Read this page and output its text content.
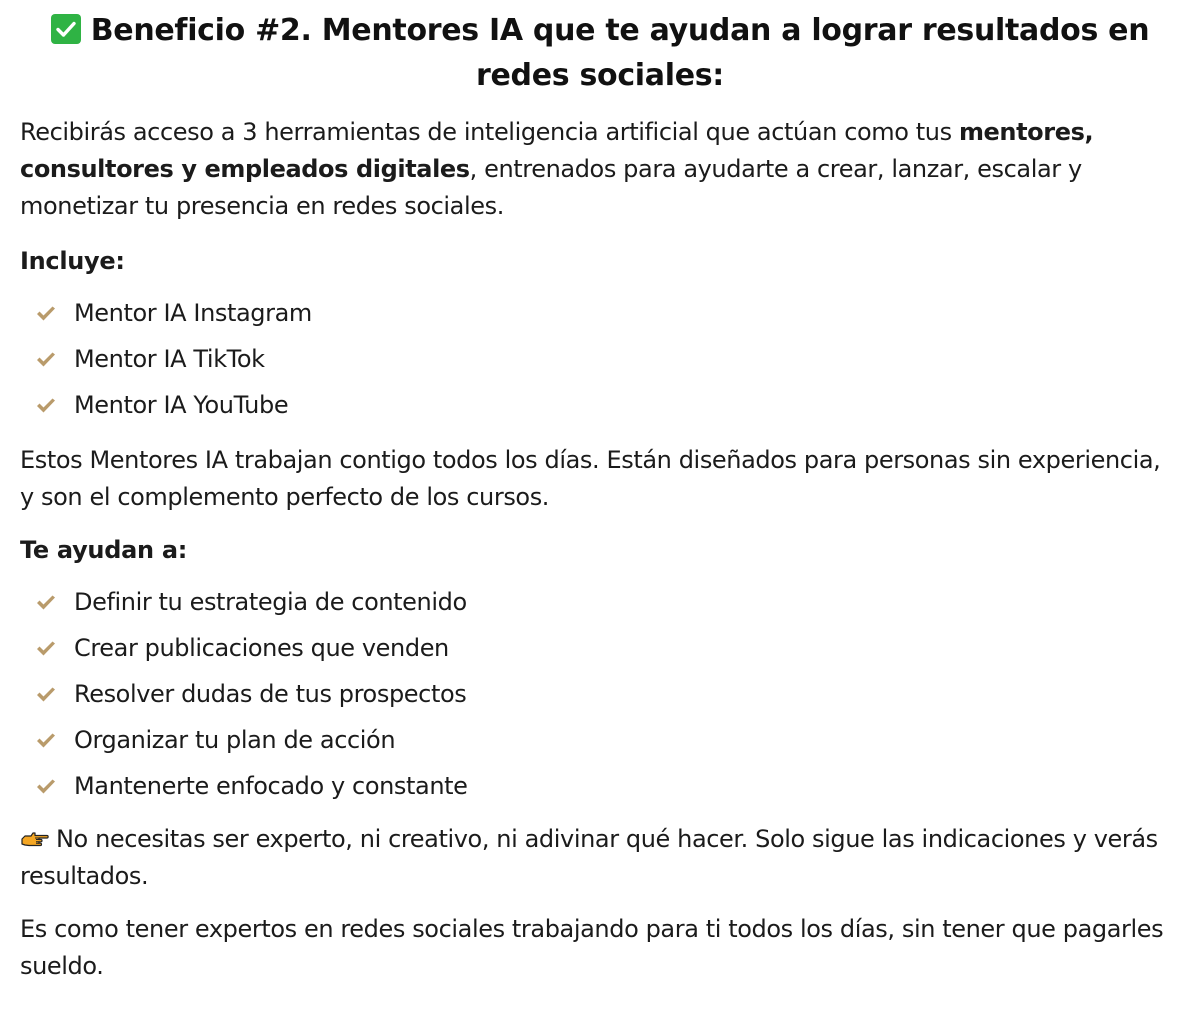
Beneficio #2. Mentores IA que te ayudan a lograr resultados en redes sociales:

Recibirás acceso a 3 herramientas de inteligencia artificial que actúan como tus mentores, consultores y empleados digitales, entrenados para ayudarte a crear, lanzar, escalar y monetizar tu presencia en redes sociales.

Incluye:
Mentor IA Instagram
Mentor IA TikTok
Mentor IA YouTube

Estos Mentores IA trabajan contigo todos los días. Están diseñados para personas sin experiencia, y son el complemento perfecto de los cursos.

Te ayudan a:
Definir tu estrategia de contenido
Crear publicaciones que venden
Resolver dudas de tus prospectos
Organizar tu plan de acción
Mantenerte enfocado y constante

No necesitas ser experto, ni creativo, ni adivinar qué hacer. Solo sigue las indicaciones y verás resultados.

Es como tener expertos en redes sociales trabajando para ti todos los días, sin tener que pagarles sueldo.
